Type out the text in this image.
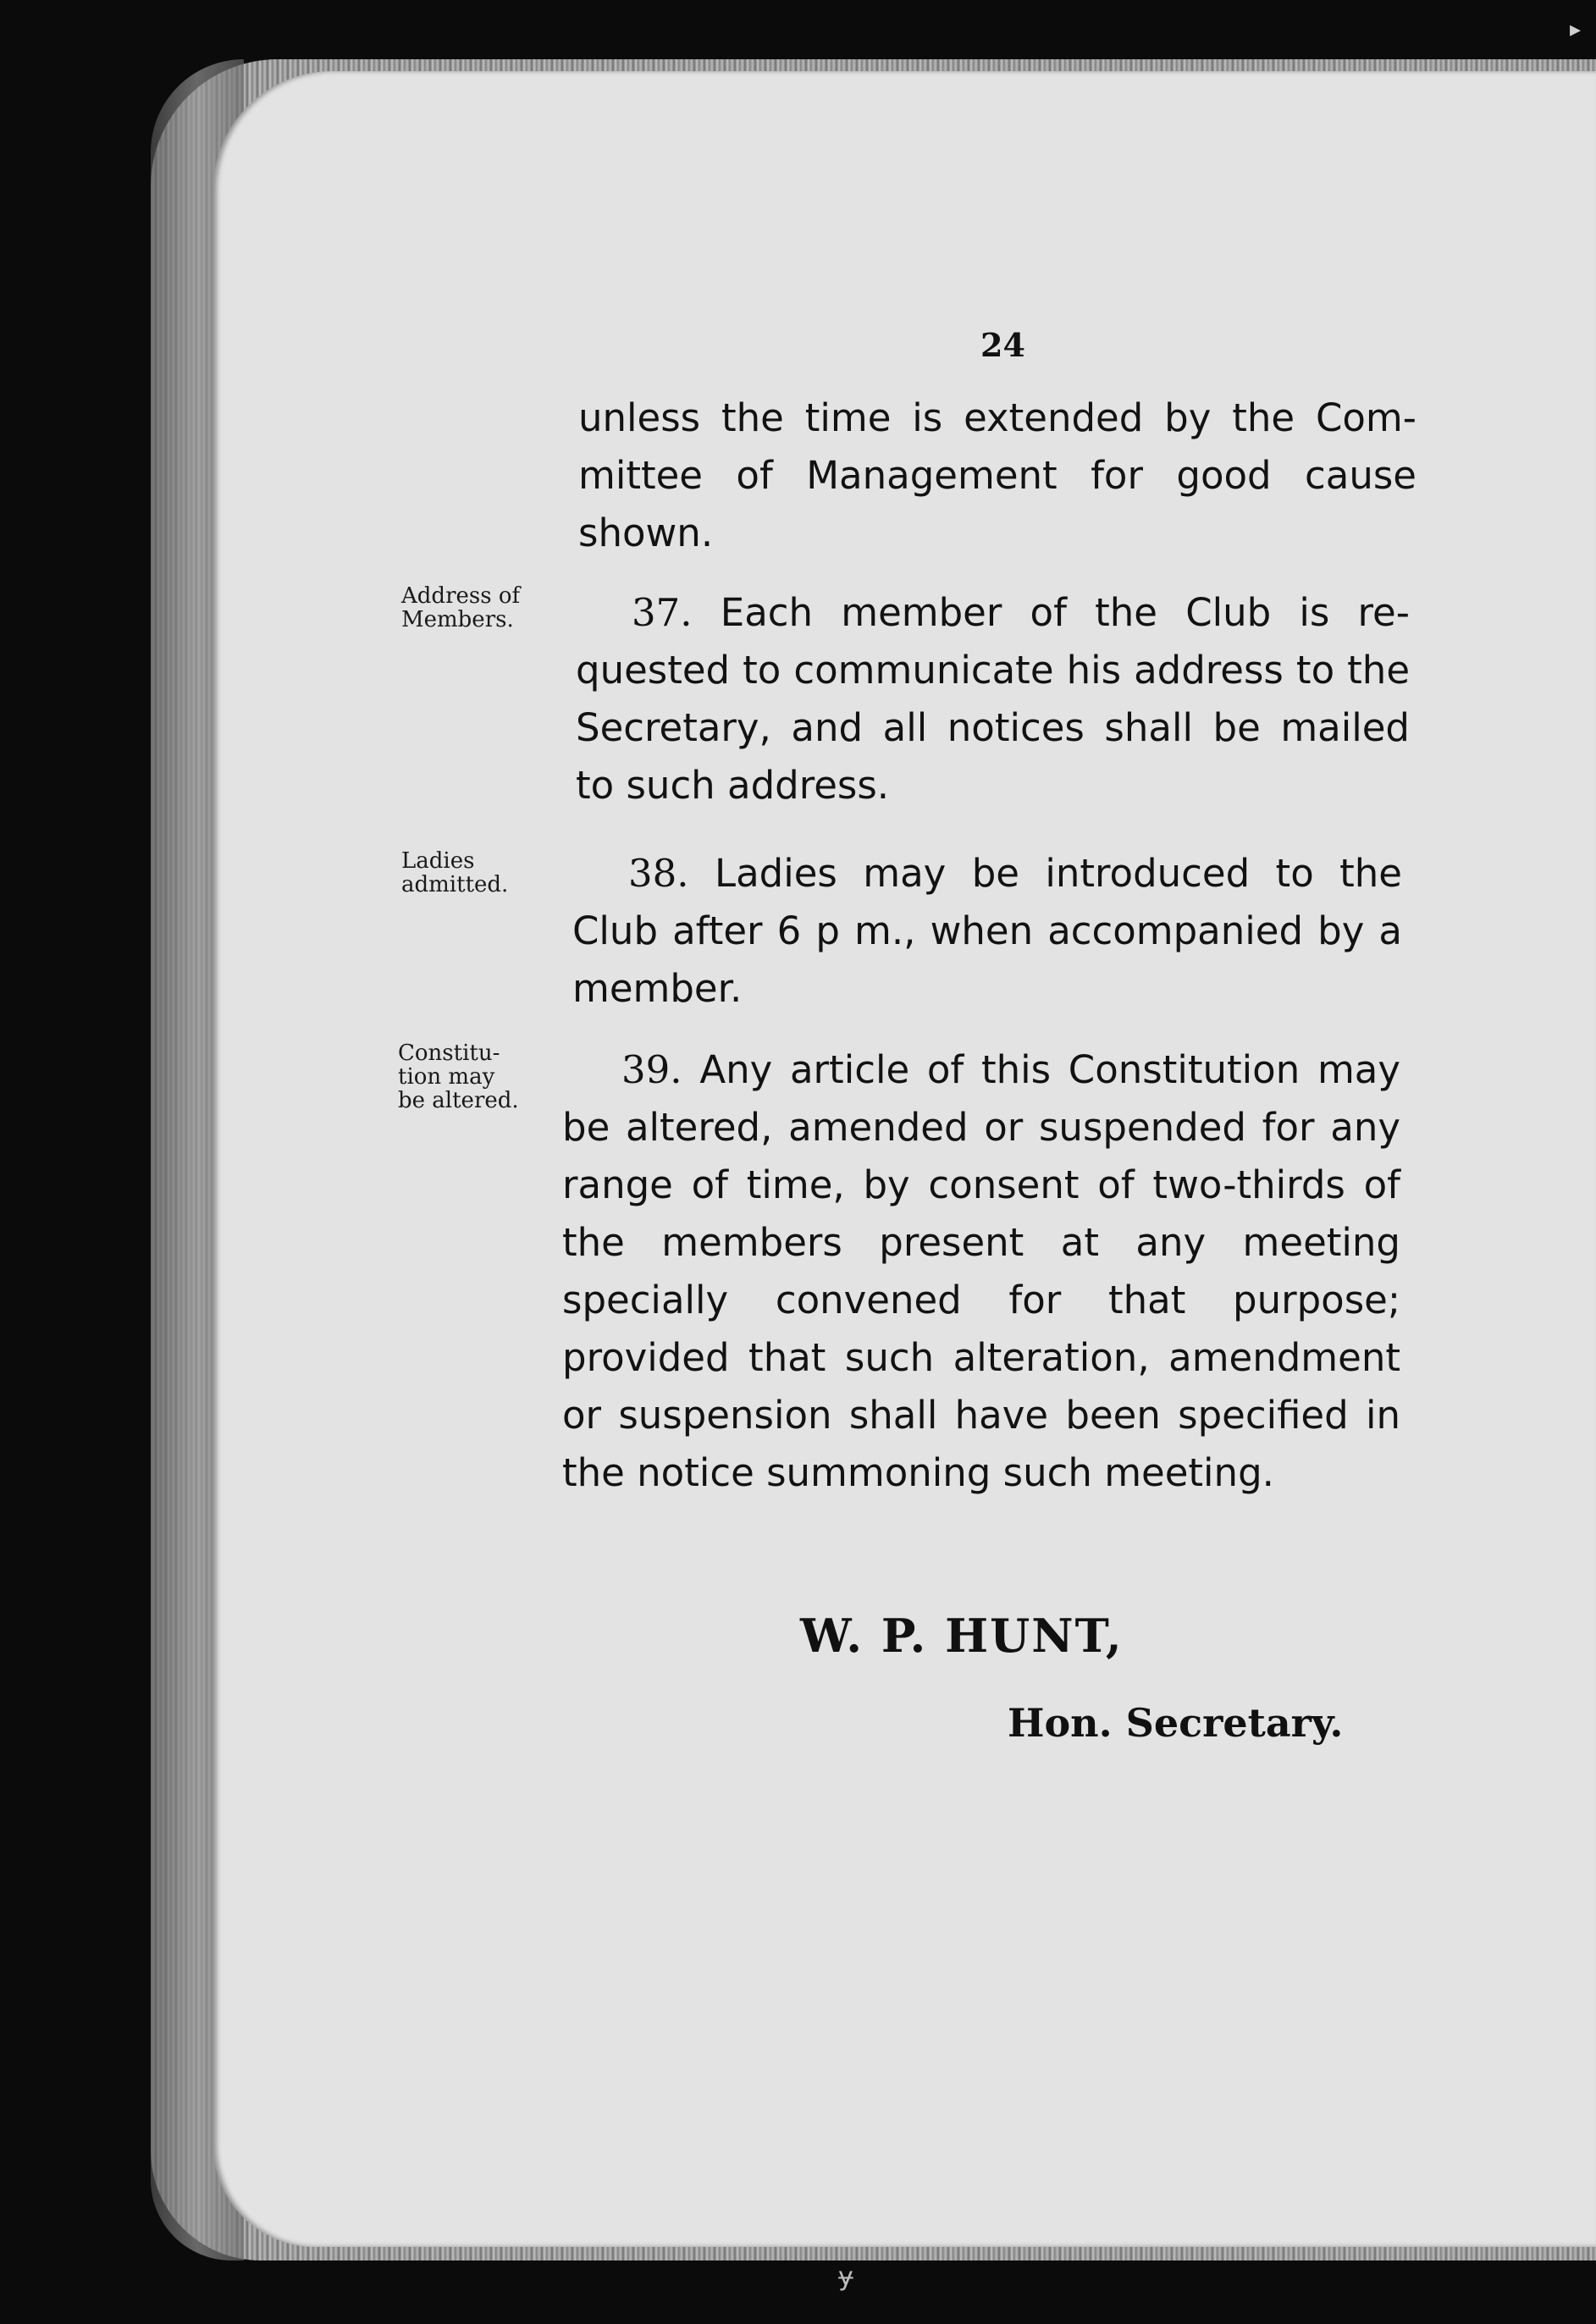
▸
24

unless the time is extended by the Com-mittee of Management for good cause shown.

Address of
Members.	37. Each member of the Club is re-quested to communicate his address to the Secretary, and all notices shall be mailed to such address.

Ladies
admitted.	38. Ladies may be introduced to the Club after 6 p m., when accompanied by a member.

Constitu-
tion may
be altered.

39. Any article of this Constitution may be altered, amended or suspended for any range of time, by consent of two-thirds of the members present at any meeting specially convened for that purpose; provided that such alteration, amendment or suspension shall have been specified in the notice summoning such meeting.

W. P. HUNT,
Hon. Secretary.
ɏ
